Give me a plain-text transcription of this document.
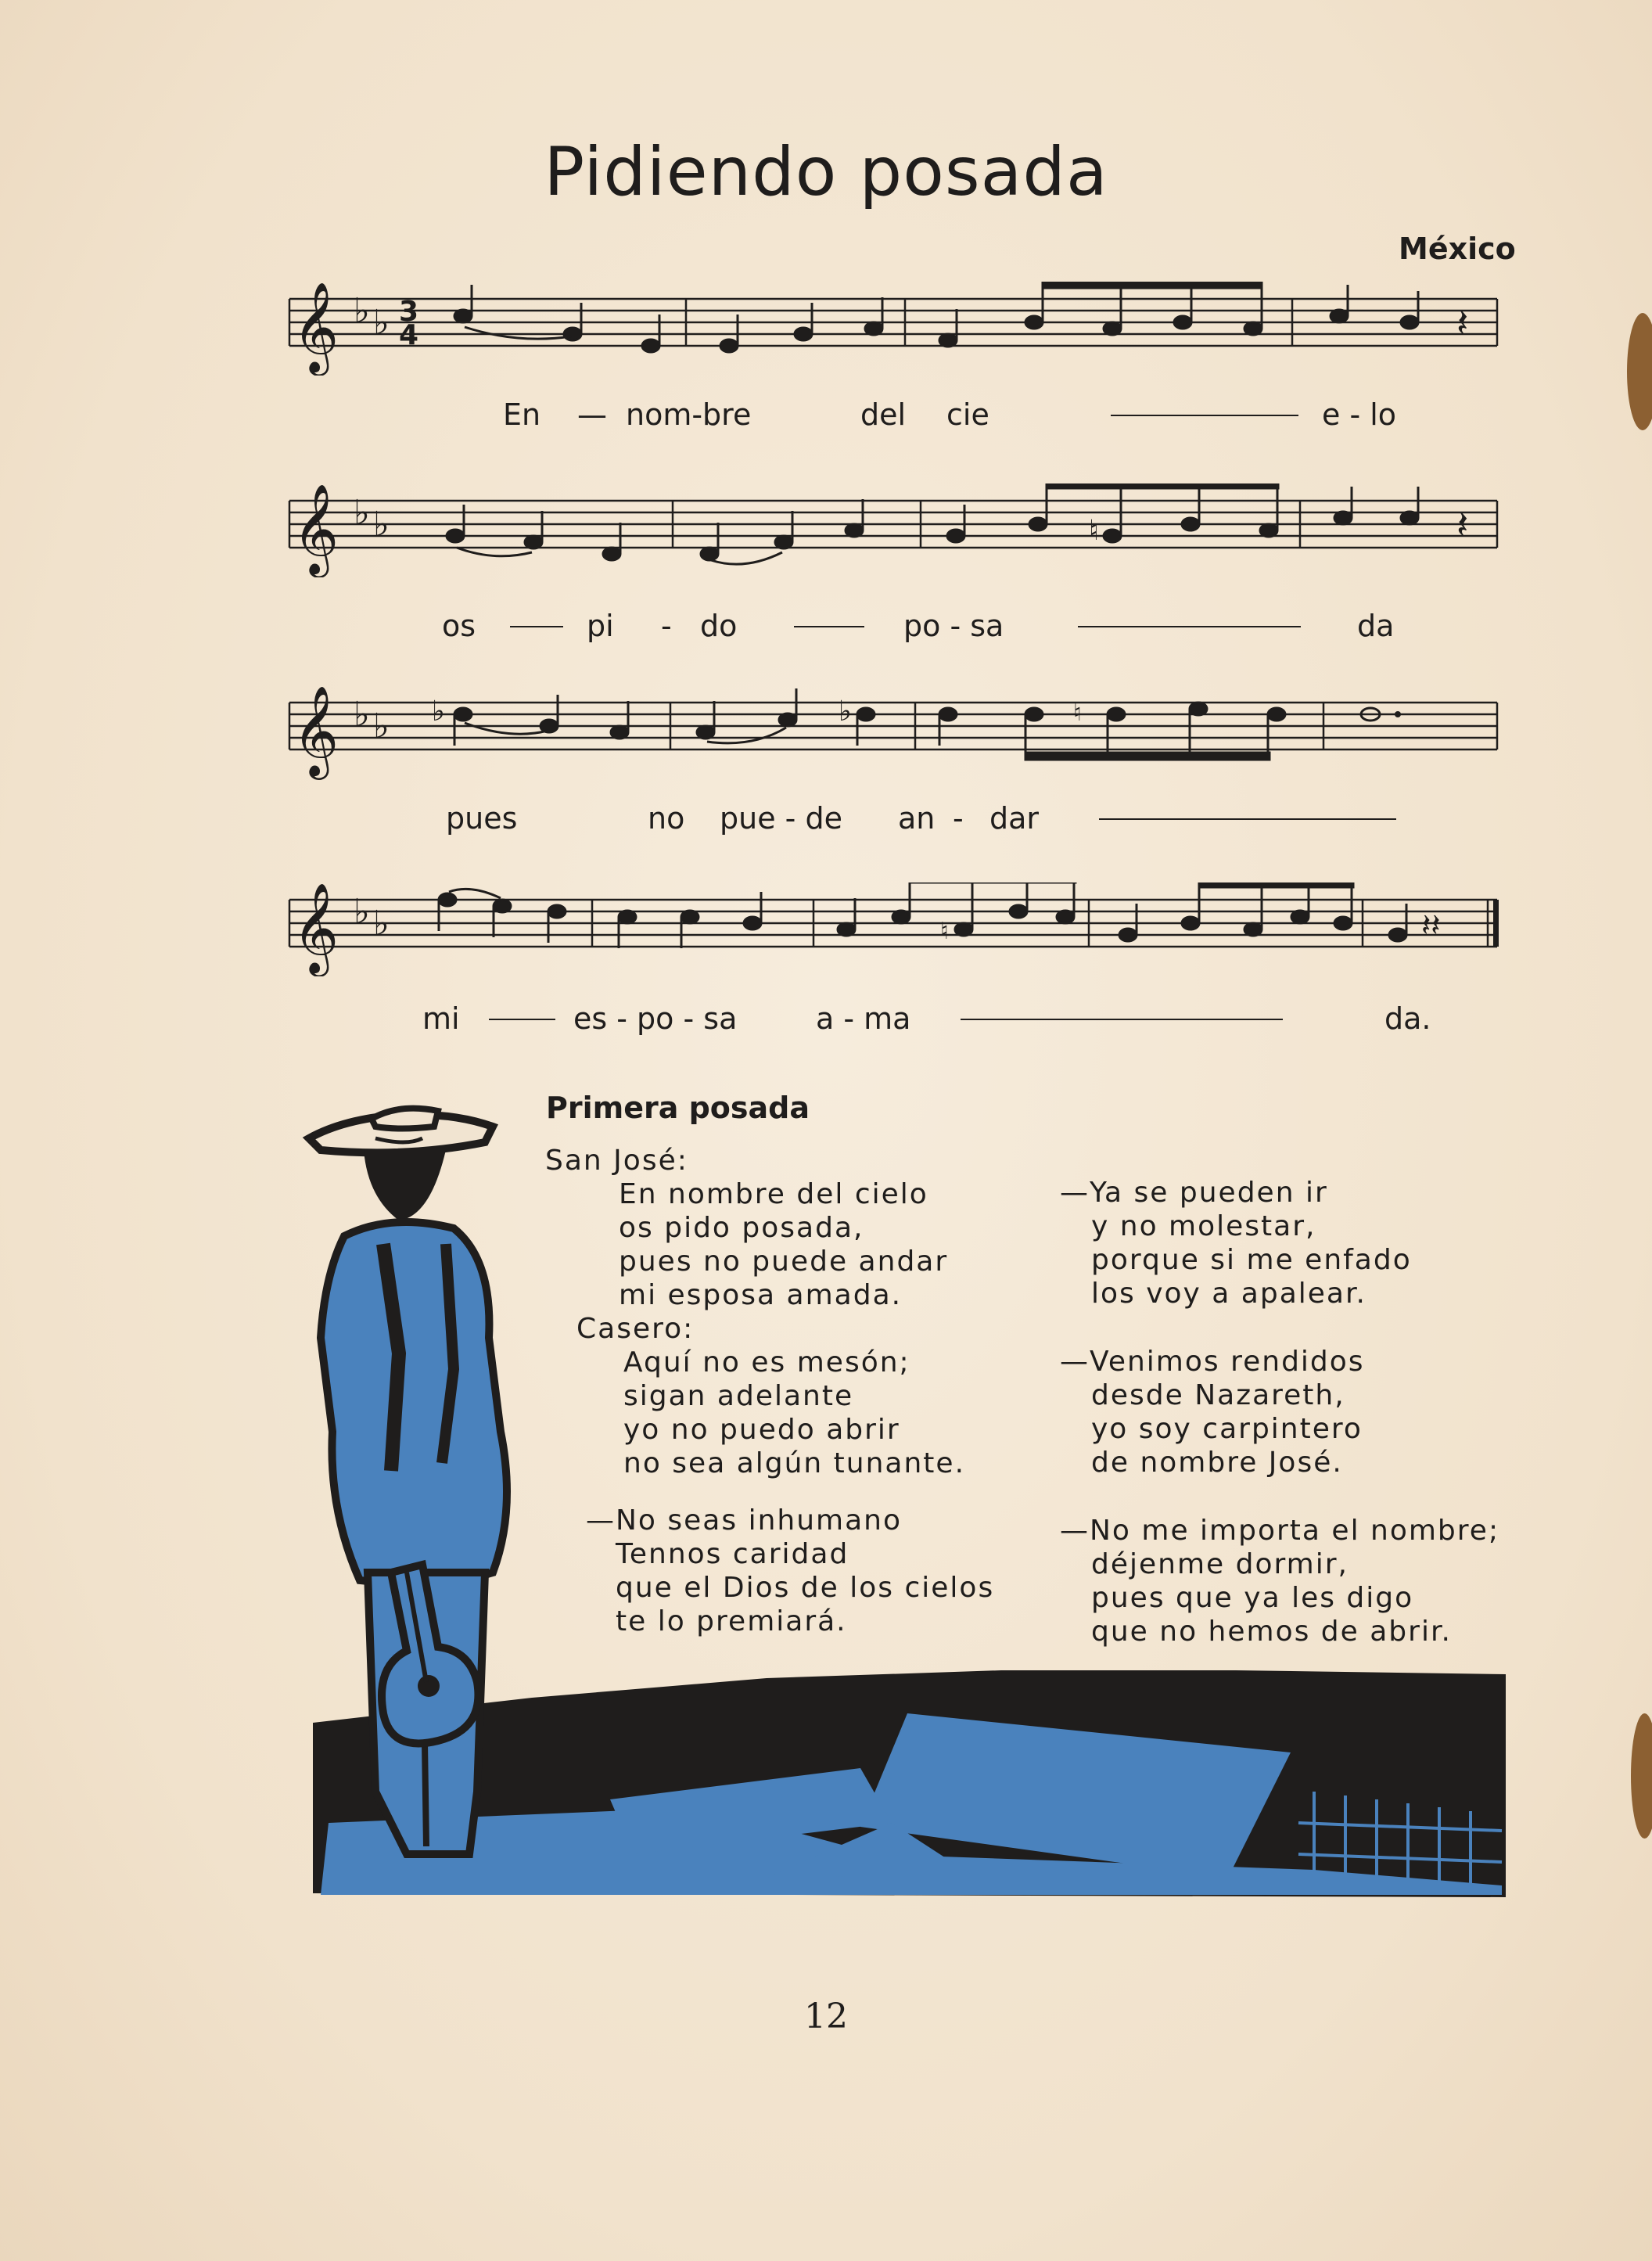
Pidiendo posada
México
𝄞 ♭ ♭ 3
4	𝄽
En — nom-bre	del cie	e - lo
𝄞 ♭ ♭	♮	𝄽
os	pi - do	po - sa	da
𝄞 ♭ ♭ ♭	♭	♮
pues	no pue - de an - dar
𝄞 ♭ ♭	♮	𝄽𝄽
mi	es - po - sa	a - ma	da.
Primera posada
San José:
En nombre del cielo
os pido posada,
pues no puede andar
mi esposa amada.
Casero:
Aquí no es mesón;
sigan adelante
yo no puedo abrir
no sea algún tunante.
—No seas inhumano
Tennos caridad
que el Dios de los cielos
te lo premiará.
—Ya se pueden ir
y no molestar,
porque si me enfado
los voy a apalear.
—Venimos rendidos
desde Nazareth,
yo soy carpintero
de nombre José.
—No me importa el nombre;
déjenme dormir,
pues que ya les digo
que no hemos de abrir.
12
